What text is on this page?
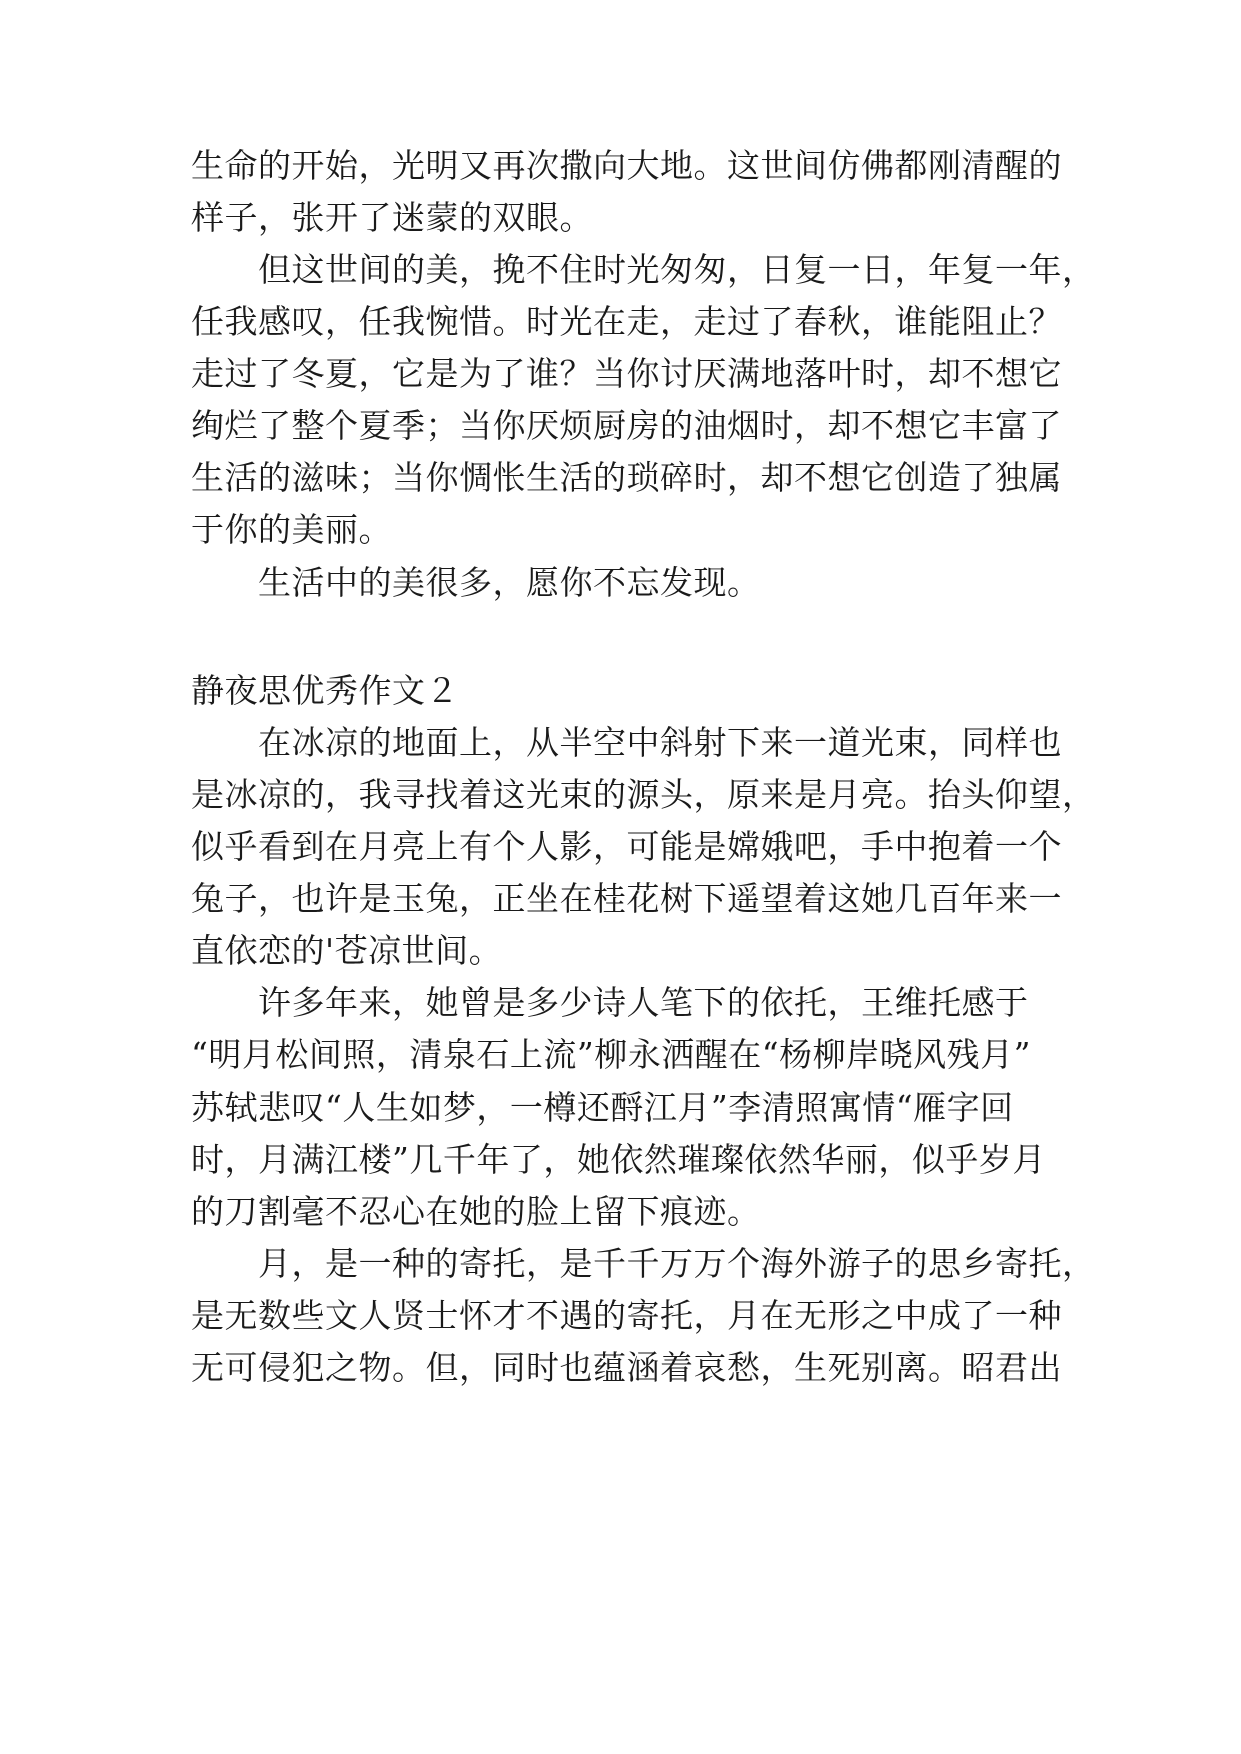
生命的开始，光明又再次撒向大地。这世间仿佛都刚清醒的
样子，张开了迷蒙的双眼。
但这世间的美，挽不住时光匆匆，日复一日，年复一年，
任我感叹，任我惋惜。时光在走，走过了春秋，谁能阻止？
走过了冬夏，它是为了谁？当你讨厌满地落叶时，却不想它
绚烂了整个夏季；当你厌烦厨房的油烟时，却不想它丰富了
生活的滋味；当你惆怅生活的琐碎时，却不想它创造了独属
于你的美丽。
生活中的美很多，愿你不忘发现。
静夜思优秀作文２
在冰凉的地面上，从半空中斜射下来一道光束，同样也
是冰凉的，我寻找着这光束的源头，原来是月亮。抬头仰望，
似乎看到在月亮上有个人影，可能是嫦娥吧，手中抱着一个
兔子，也许是玉兔，正坐在桂花树下遥望着这她几百年来一
直依恋的'苍凉世间。
许多年来，她曾是多少诗人笔下的依托，王维托感于
“明月松间照，清泉石上流”柳永洒醒在“杨柳岸晓风残月”
苏轼悲叹“人生如梦，一樽还酹江月”李清照寓情“雁字回
时，月满江楼”几千年了，她依然璀璨依然华丽，似乎岁月
的刀割毫不忍心在她的脸上留下痕迹。
月，是一种的寄托，是千千万万个海外游子的思乡寄托，
是无数些文人贤士怀才不遇的寄托，月在无形之中成了一种
无可侵犯之物。但，同时也蕴涵着哀愁，生死别离。昭君出
